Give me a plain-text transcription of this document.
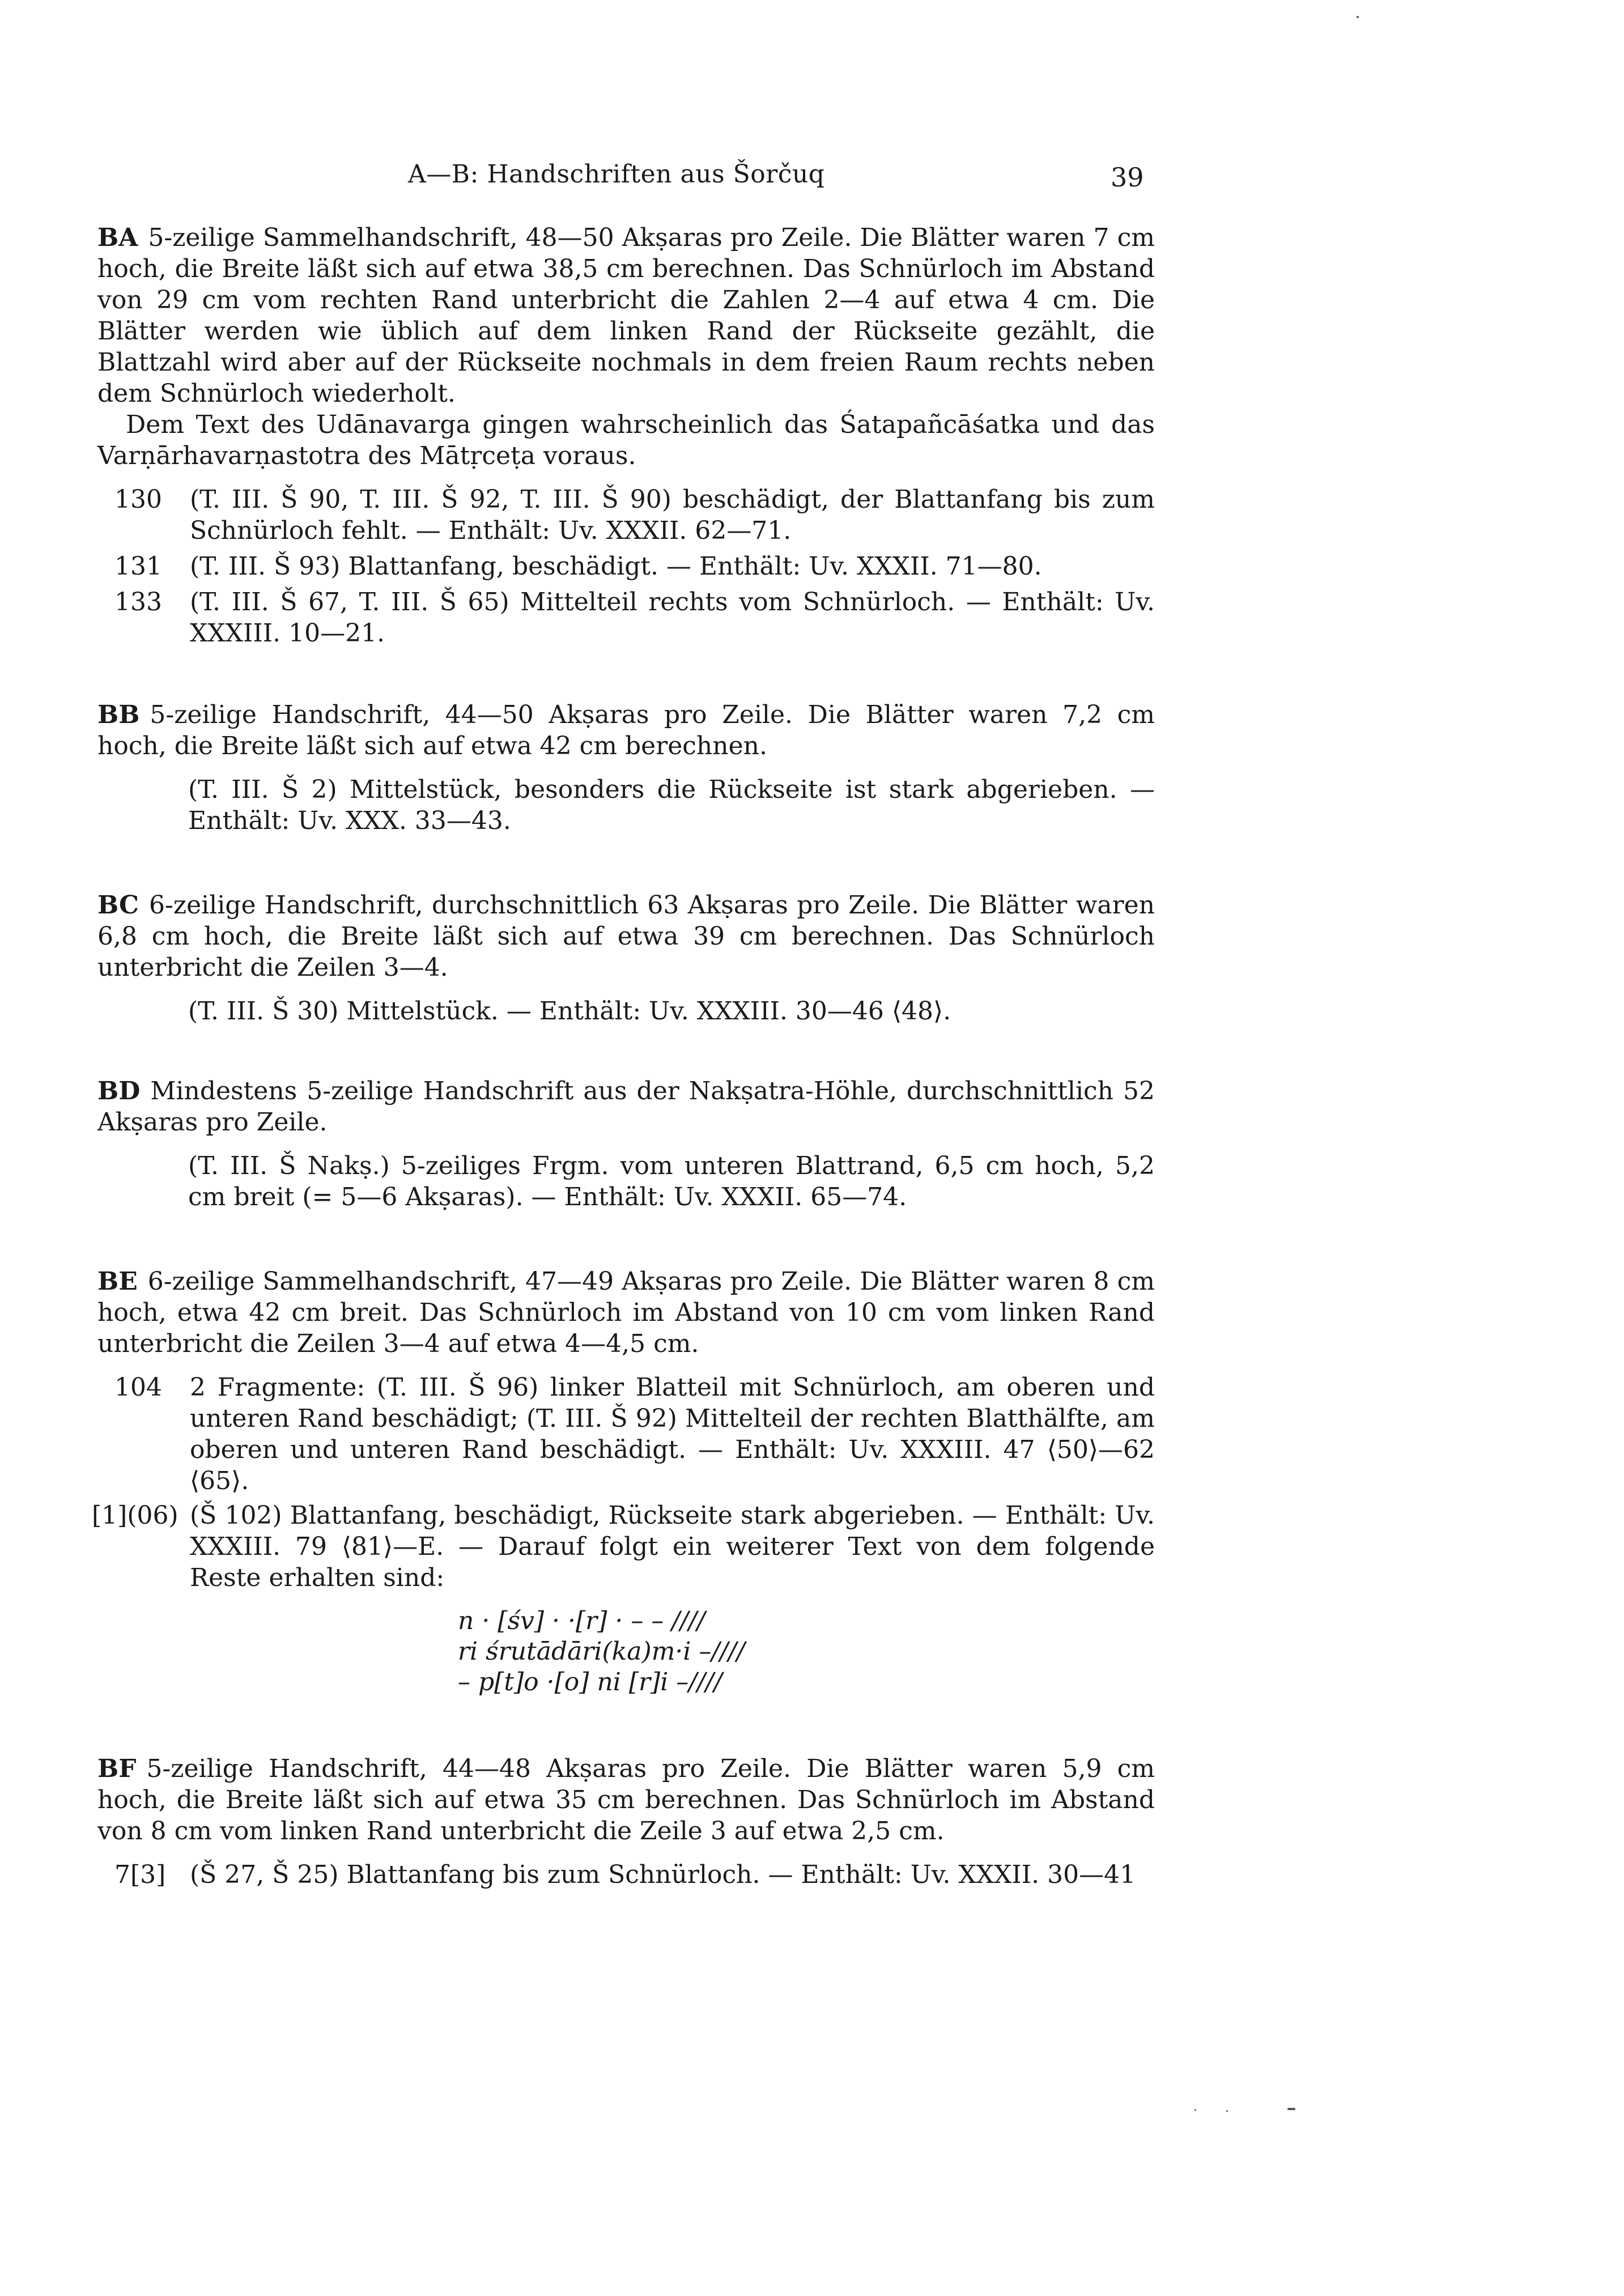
A—B: Handschriften aus Šorčuq	39

BA 5-zeilige Sammelhandschrift, 48—50 Akṣaras pro Zeile. Die Blätter waren 7 cm hoch, die Breite läßt sich auf etwa 38,5 cm berechnen. Das Schnürloch im Abstand von 29 cm vom rechten Rand unterbricht die Zahlen 2—4 auf etwa 4 cm. Die Blätter werden wie üblich auf dem linken Rand der Rückseite gezählt, die Blattzahl wird aber auf der Rückseite nochmals in dem freien Raum rechts neben dem Schnürloch wiederholt.

Dem Text des Udānavarga gingen wahrscheinlich das Śatapañcāśatka und das Varṇārhavarṇastotra des Mātṛceṭa voraus.

130 (T. III. Š 90, T. III. Š 92, T. III. Š 90) beschädigt, der Blattanfang bis zum Schnürloch fehlt. — Enthält: Uv. XXXII. 62—71.

131 (T. III. Š 93) Blattanfang, beschädigt. — Enthält: Uv. XXXII. 71—80.

133 (T. III. Š 67, T. III. Š 65) Mittelteil rechts vom Schnürloch. — Enthält: Uv. XXXIII. 10—21.

BB 5-zeilige Handschrift, 44—50 Akṣaras pro Zeile. Die Blätter waren 7,2 cm hoch, die Breite läßt sich auf etwa 42 cm berechnen.

(T. III. Š 2) Mittelstück, besonders die Rückseite ist stark abgerieben. — Enthält: Uv. XXX. 33—43.

BC 6-zeilige Handschrift, durchschnittlich 63 Akṣaras pro Zeile. Die Blätter waren 6,8 cm hoch, die Breite läßt sich auf etwa 39 cm berechnen. Das Schnürloch unterbricht die Zeilen 3—4.

(T. III. Š 30) Mittelstück. — Enthält: Uv. XXXIII. 30—46 ⟨48⟩.

BD Mindestens 5-zeilige Handschrift aus der Nakṣatra-Höhle, durchschnittlich 52 Akṣaras pro Zeile.

(T. III. Š Nakṣ.) 5-zeiliges Frgm. vom unteren Blattrand, 6,5 cm hoch, 5,2 cm breit (= 5—6 Akṣaras). — Enthält: Uv. XXXII. 65—74.

BE 6-zeilige Sammelhandschrift, 47—49 Akṣaras pro Zeile. Die Blätter waren 8 cm hoch, etwa 42 cm breit. Das Schnürloch im Abstand von 10 cm vom linken Rand unterbricht die Zeilen 3—4 auf etwa 4—4,5 cm.

104 2 Fragmente: (T. III. Š 96) linker Blatteil mit Schnürloch, am oberen und unteren Rand beschädigt; (T. III. Š 92) Mittelteil der rechten Blatthälfte, am oberen und unteren Rand beschädigt. — Enthält: Uv. XXXIII. 47 ⟨50⟩—62 ⟨65⟩.

[1](06) (Š 102) Blattanfang, beschädigt, Rückseite stark abgerieben. — Enthält: Uv. XXXIII. 79 ⟨81⟩—E. — Darauf folgt ein weiterer Text von dem folgende Reste erhalten sind:

n · [śv] · ·[r] · – – ////
ri śrutādāri(ka)m·i –////
– p[t]o ·[o] ni [r]i –////

BF 5-zeilige Handschrift, 44—48 Akṣaras pro Zeile. Die Blätter waren 5,9 cm hoch, die Breite läßt sich auf etwa 35 cm berechnen. Das Schnürloch im Abstand von 8 cm vom linken Rand unterbricht die Zeile 3 auf etwa 2,5 cm.

7[3] (Š 27, Š 25) Blattanfang bis zum Schnürloch. — Enthält: Uv. XXXII. 30—41
